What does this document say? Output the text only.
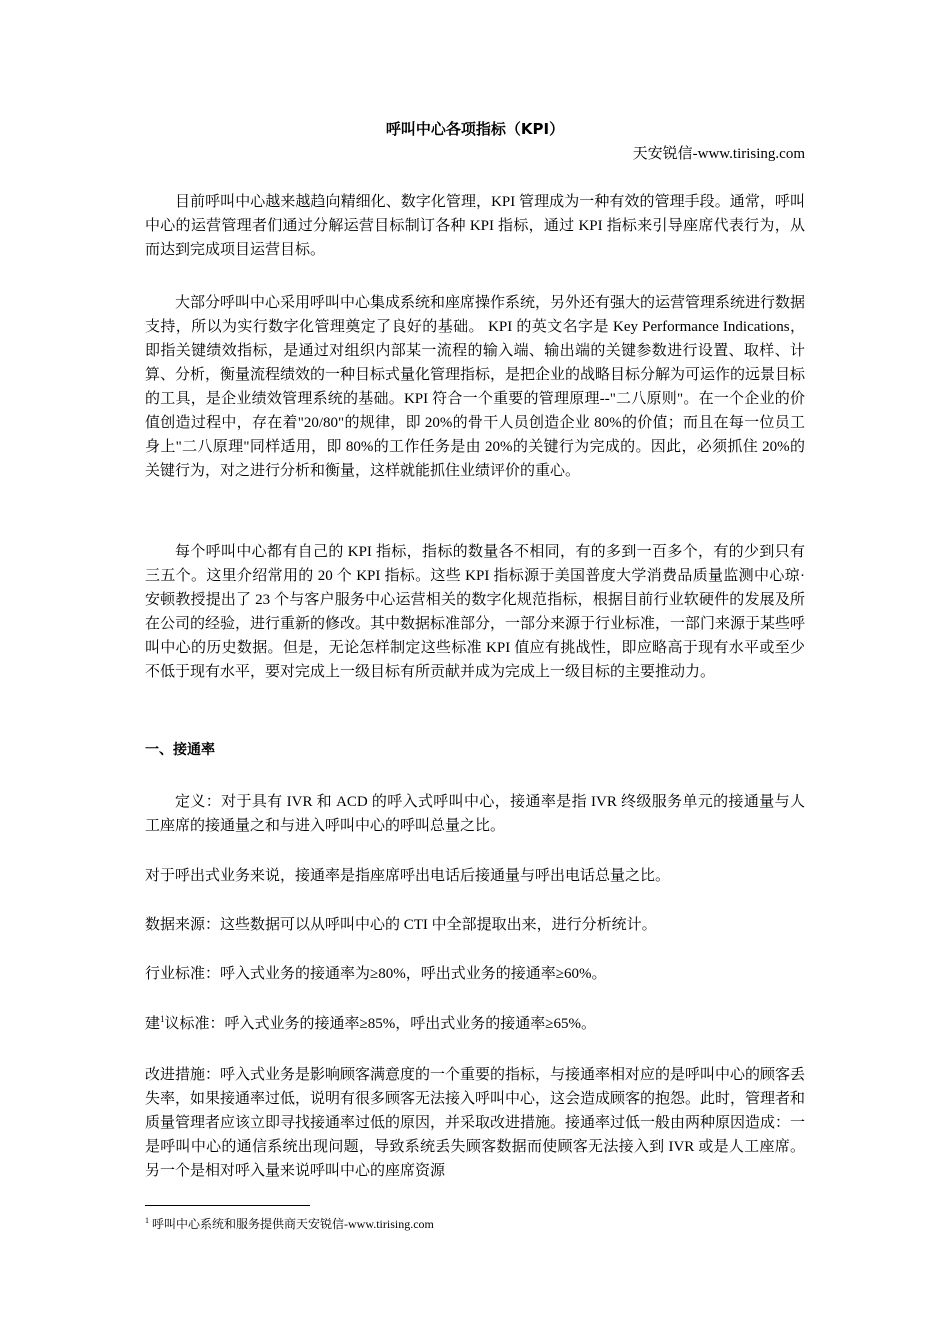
呼叫中心各项指标（KPI）
天安锐信-www.tirising.com

目前呼叫中心越来越趋向精细化、数字化管理，KPI 管理成为一种有效的管理手段。通常，呼叫中心的运营管理者们通过分解运营目标制订各种 KPI 指标，通过 KPI 指标来引导座席代表行为，从而达到完成项目运营目标。

大部分呼叫中心采用呼叫中心集成系统和座席操作系统，另外还有强大的运营管理系统进行数据支持，所以为实行数字化管理奠定了良好的基础。 KPI 的英文名字是 Key Performance Indications，即指关键绩效指标，是通过对组织内部某一流程的输入端、输出端的关键参数进行设置、取样、计算、分析，衡量流程绩效的一种目标式量化管理指标，是把企业的战略目标分解为可运作的远景目标的工具，是企业绩效管理系统的基础。KPI 符合一个重要的管理原理--"二八原则"。在一个企业的价值创造过程中，存在着"20/80"的规律，即 20%的骨干人员创造企业 80%的价值；而且在每一位员工身上"二八原理"同样适用，即 80%的工作任务是由 20%的关键行为完成的。因此，必须抓住 20%的关键行为，对之进行分析和衡量，这样就能抓住业绩评价的重心。

每个呼叫中心都有自己的 KPI 指标，指标的数量各不相同，有的多到一百多个，有的少到只有三五个。这里介绍常用的 20 个 KPI 指标。这些 KPI 指标源于美国普度大学消费品质量监测中心琼·安顿教授提出了 23 个与客户服务中心运营相关的数字化规范指标，根据目前行业软硬件的发展及所在公司的经验，进行重新的修改。其中数据标准部分，一部分来源于行业标准，一部门来源于某些呼叫中心的历史数据。但是，无论怎样制定这些标准 KPI 值应有挑战性，即应略高于现有水平或至少不低于现有水平，要对完成上一级目标有所贡献并成为完成上一级目标的主要推动力。

一、接通率

定义：对于具有 IVR 和 ACD 的呼入式呼叫中心，接通率是指 IVR 终级服务单元的接通量与人工座席的接通量之和与进入呼叫中心的呼叫总量之比。

对于呼出式业务来说，接通率是指座席呼出电话后接通量与呼出电话总量之比。

数据来源：这些数据可以从呼叫中心的 CTI 中全部提取出来，进行分析统计。

行业标准：呼入式业务的接通率为≥80%，呼出式业务的接通率≥60%。

建$^1$议标准：呼入式业务的接通率≥85%，呼出式业务的接通率≥65%。

改进措施：呼入式业务是影响顾客满意度的一个重要的指标，与接通率相对应的是呼叫中心的顾客丢失率，如果接通率过低，说明有很多顾客无法接入呼叫中心，这会造成顾客的抱怨。此时，管理者和质量管理者应该立即寻找接通率过低的原因，并采取改进措施。接通率过低一般由两种原因造成：一是呼叫中心的通信系统出现问题，导致系统丢失顾客数据而使顾客无法接入到 IVR 或是人工座席。另一个是相对呼入量来说呼叫中心的座席资源

$^1$ 呼叫中心系统和服务提供商天安锐信-www.tirising.com
